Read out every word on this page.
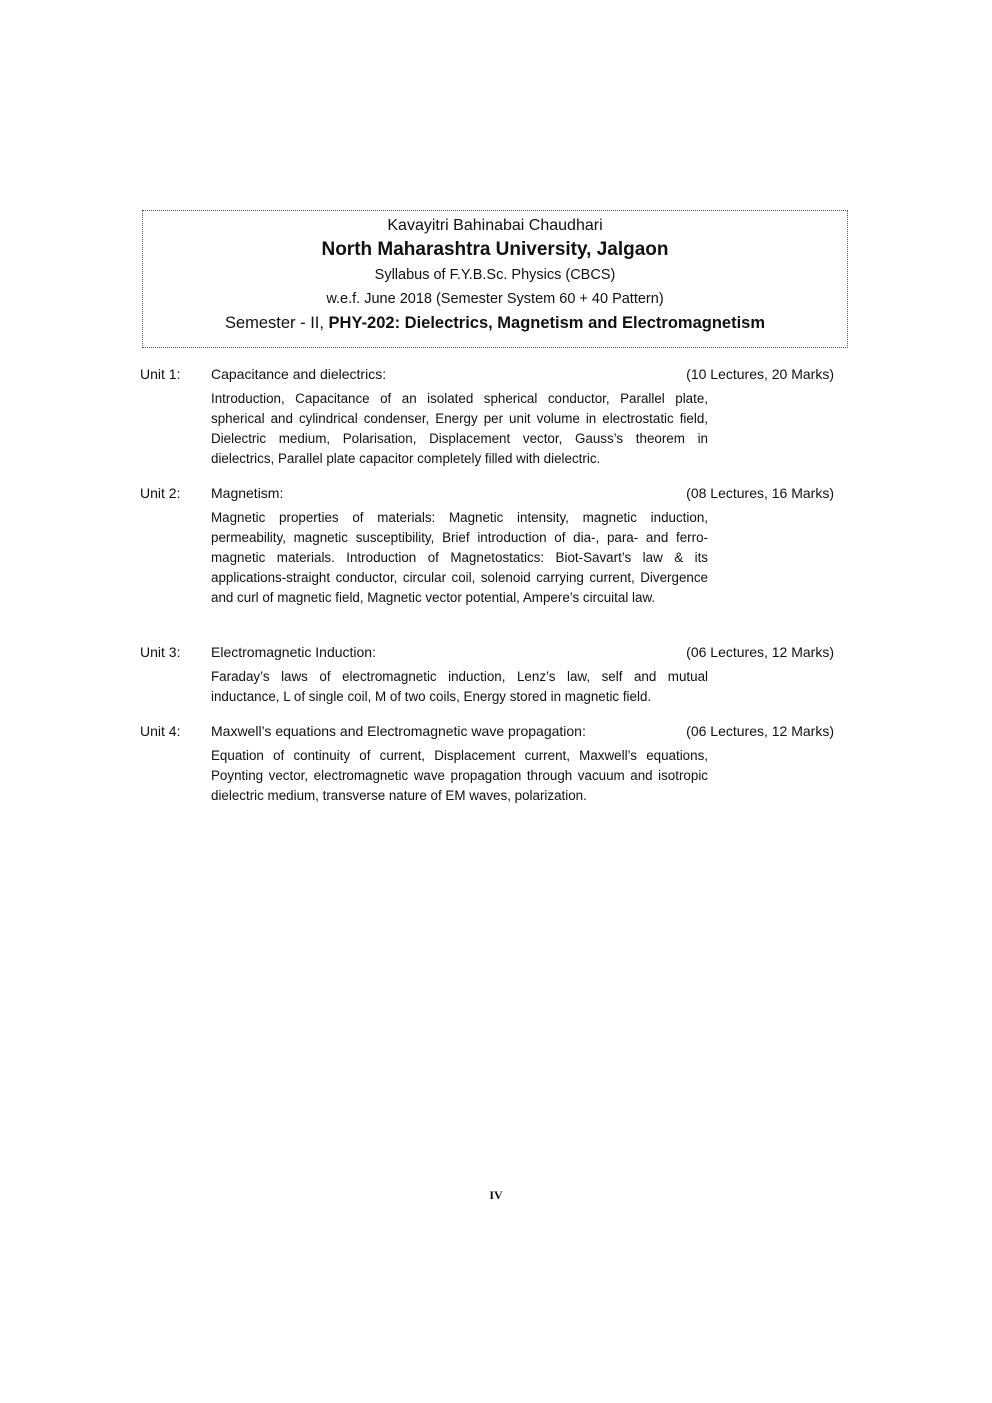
Kavayitri Bahinabai Chaudhari
North Maharashtra University, Jalgaon
Syllabus of F.Y.B.Sc. Physics (CBCS)
w.e.f. June 2018 (Semester System 60 + 40 Pattern)
Semester - II, PHY-202: Dielectrics, Magnetism and Electromagnetism
Unit 1: Capacitance and dielectrics:	(10 Lectures, 20 Marks)
Introduction, Capacitance of an isolated spherical conductor, Parallel plate, spherical and cylindrical condenser, Energy per unit volume in electrostatic field, Dielectric medium, Polarisation, Displacement vector, Gauss’s theorem in dielectrics, Parallel plate capacitor completely filled with dielectric.
Unit 2: Magnetism:	(08 Lectures, 16 Marks)
Magnetic properties of materials: Magnetic intensity, magnetic induction, permeability, magnetic susceptibility, Brief introduction of dia-, para- and ferro-magnetic materials. Introduction of Magnetostatics: Biot-Savart’s law & its applications-straight conductor, circular coil, solenoid carrying current, Divergence and curl of magnetic field, Magnetic vector potential, Ampere’s circuital law.
Unit 3: Electromagnetic Induction:	(06 Lectures, 12 Marks)
Faraday’s laws of electromagnetic induction, Lenz’s law, self and mutual inductance, L of single coil, M of two coils, Energy stored in magnetic field.
Unit 4: Maxwell’s equations and Electromagnetic wave propagation:	(06 Lectures, 12 Marks)
Equation of continuity of current, Displacement current, Maxwell’s equations, Poynting vector, electromagnetic wave propagation through vacuum and isotropic dielectric medium, transverse nature of EM waves, polarization.
IV
